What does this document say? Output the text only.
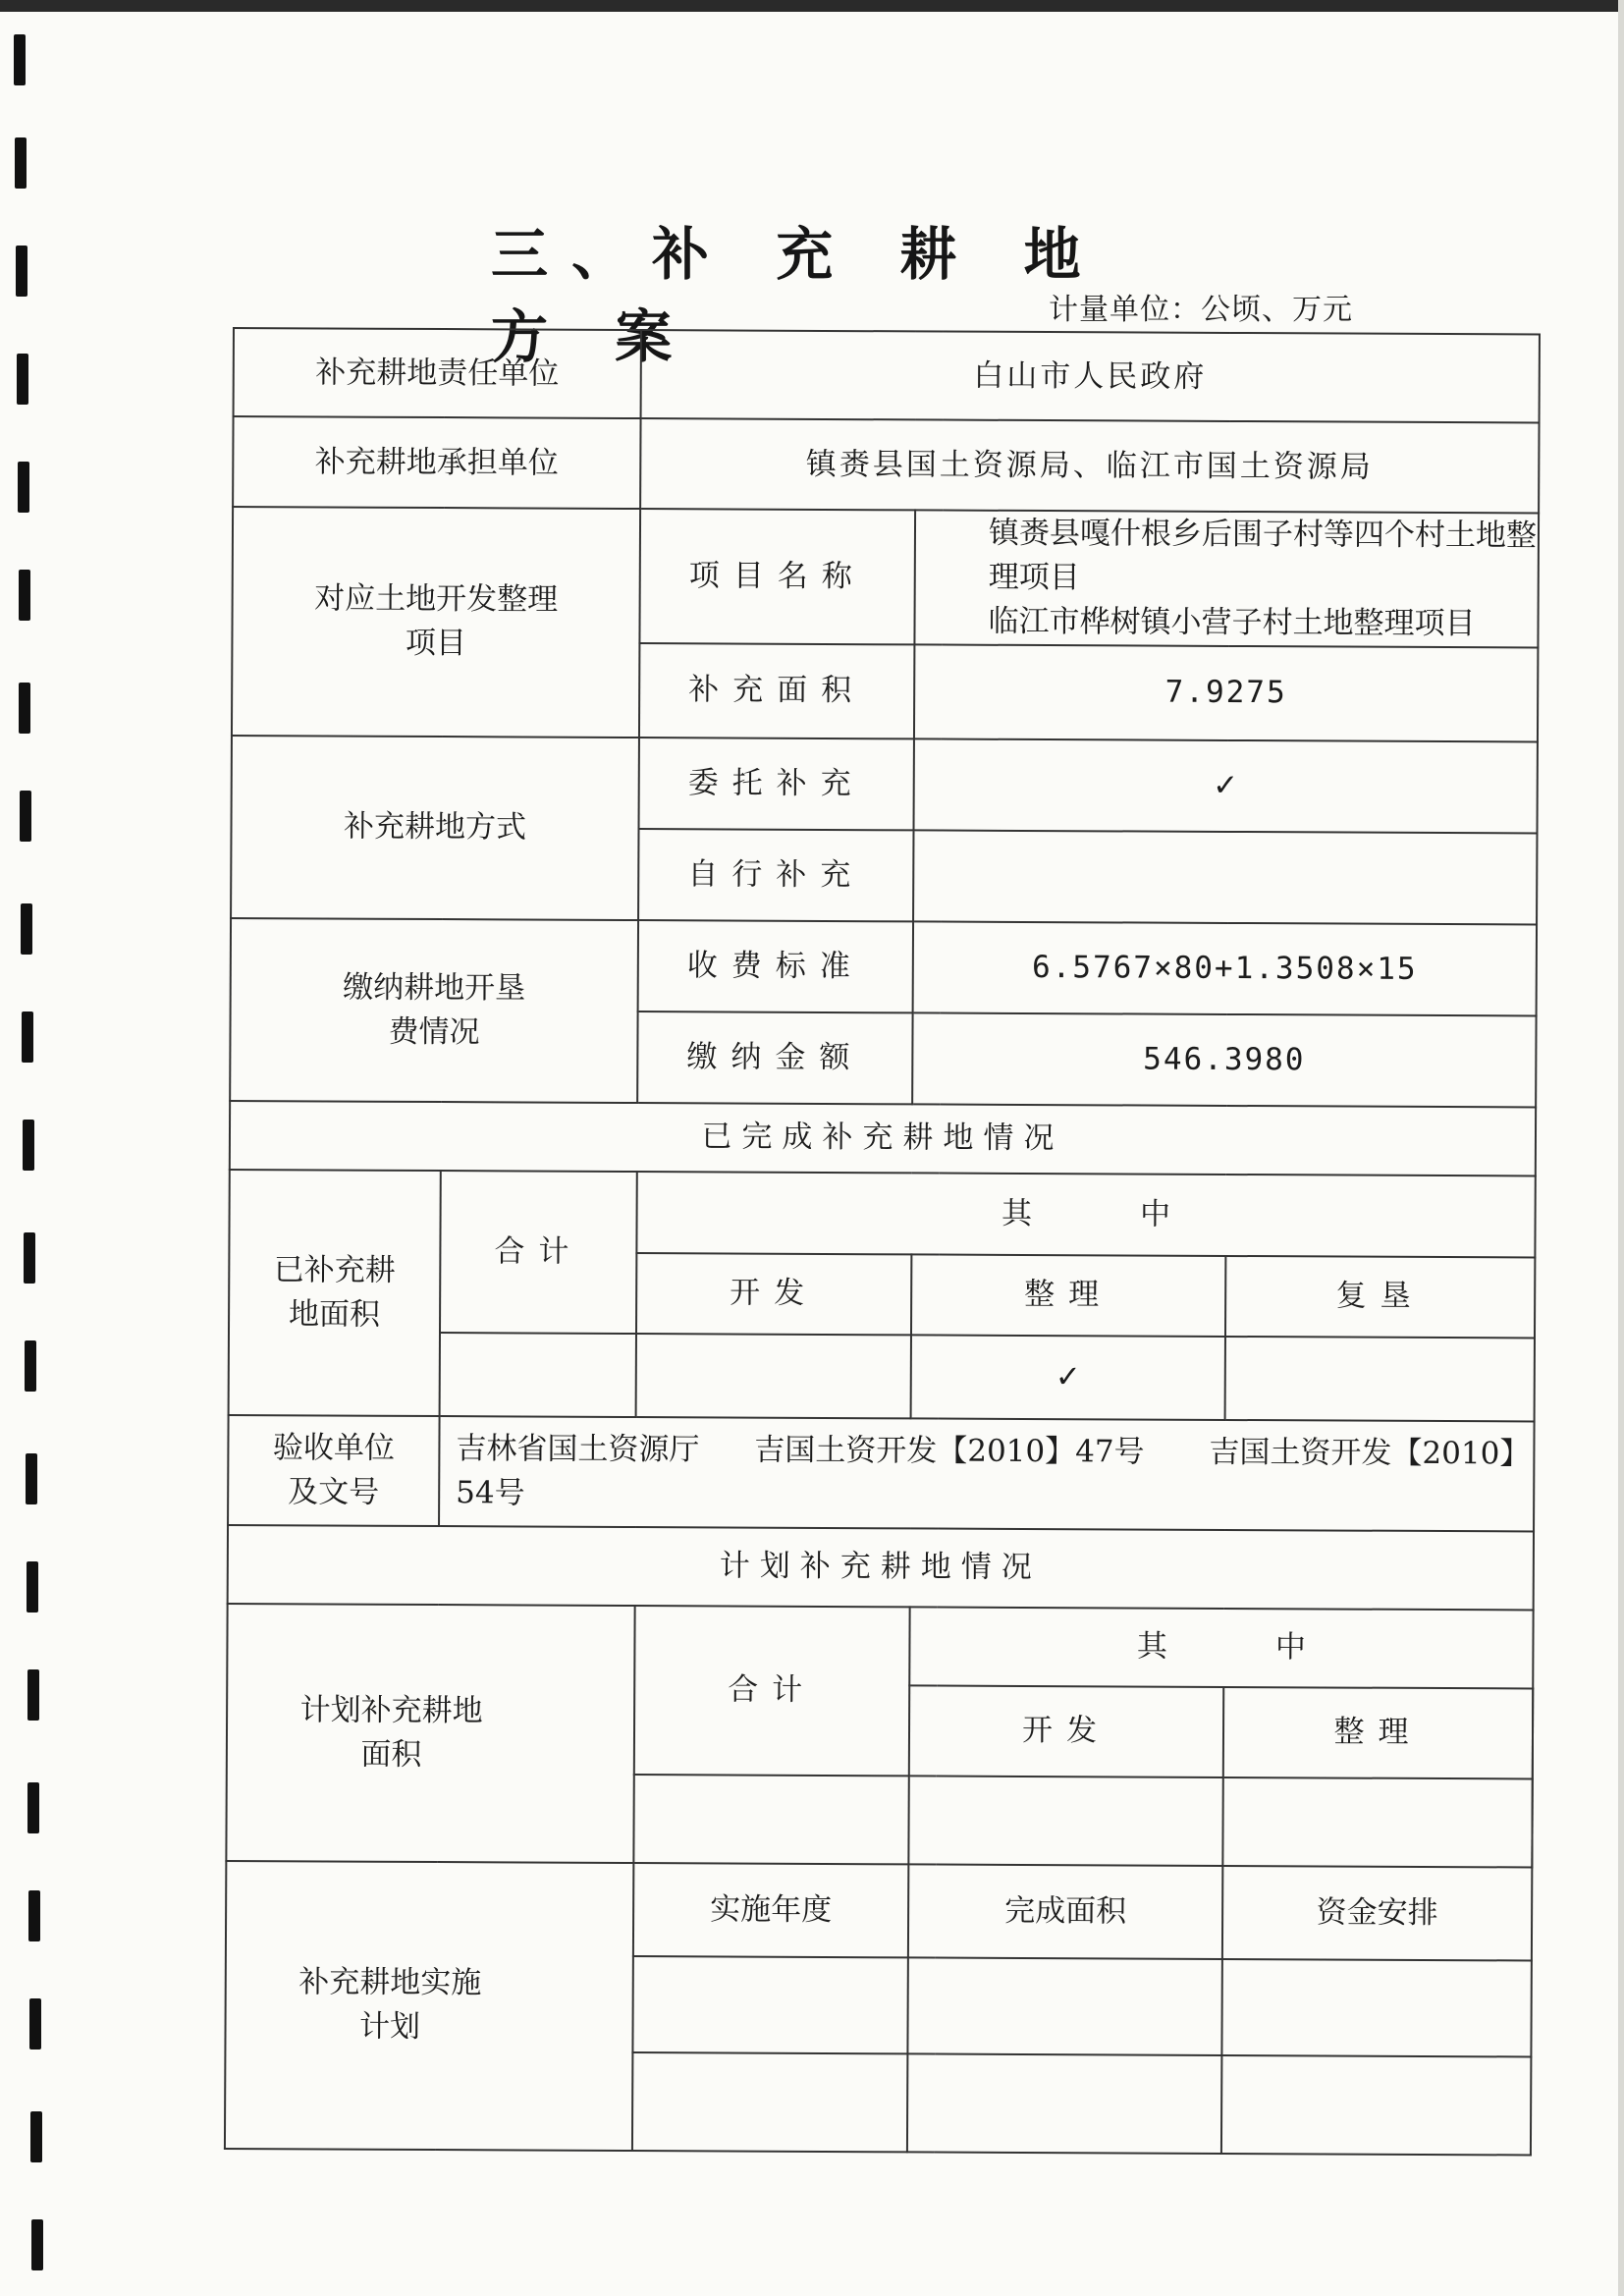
三、补 充 耕 地 方 案	计量单位：公顷、万元
补充耕地责任单位		白山市人民政府			
补充耕地承担单位		镇赉县国土资源局、临江市国土资源局			
对应土地开发整理项目		项目名称	镇赉县嘎什根乡后围子村等四个村土地整理项目
临江市桦树镇小营子村土地整理项目		

		补充面积	7.9275		
补充耕地方式		委托补充	✓		
		自行补充			
缴纳耕地开垦费情况		收费标准	6.5767×80+1.3508×15		
		缴纳金额	546.3980		
已完成补充耕地情况					
已补充耕地面积	合计	其 中			
		开发	整理	复垦	
			✓		
验收单位及文号	吉林省国土资源厅 吉国土资开发【2010】47号 吉国土资开发【2010】54号				
计划补充耕地情况					
计划补充耕地面积		合计	其 中		
			开发	整理	

补充耕地实施计划		实施年度	完成面积	资金安排	
